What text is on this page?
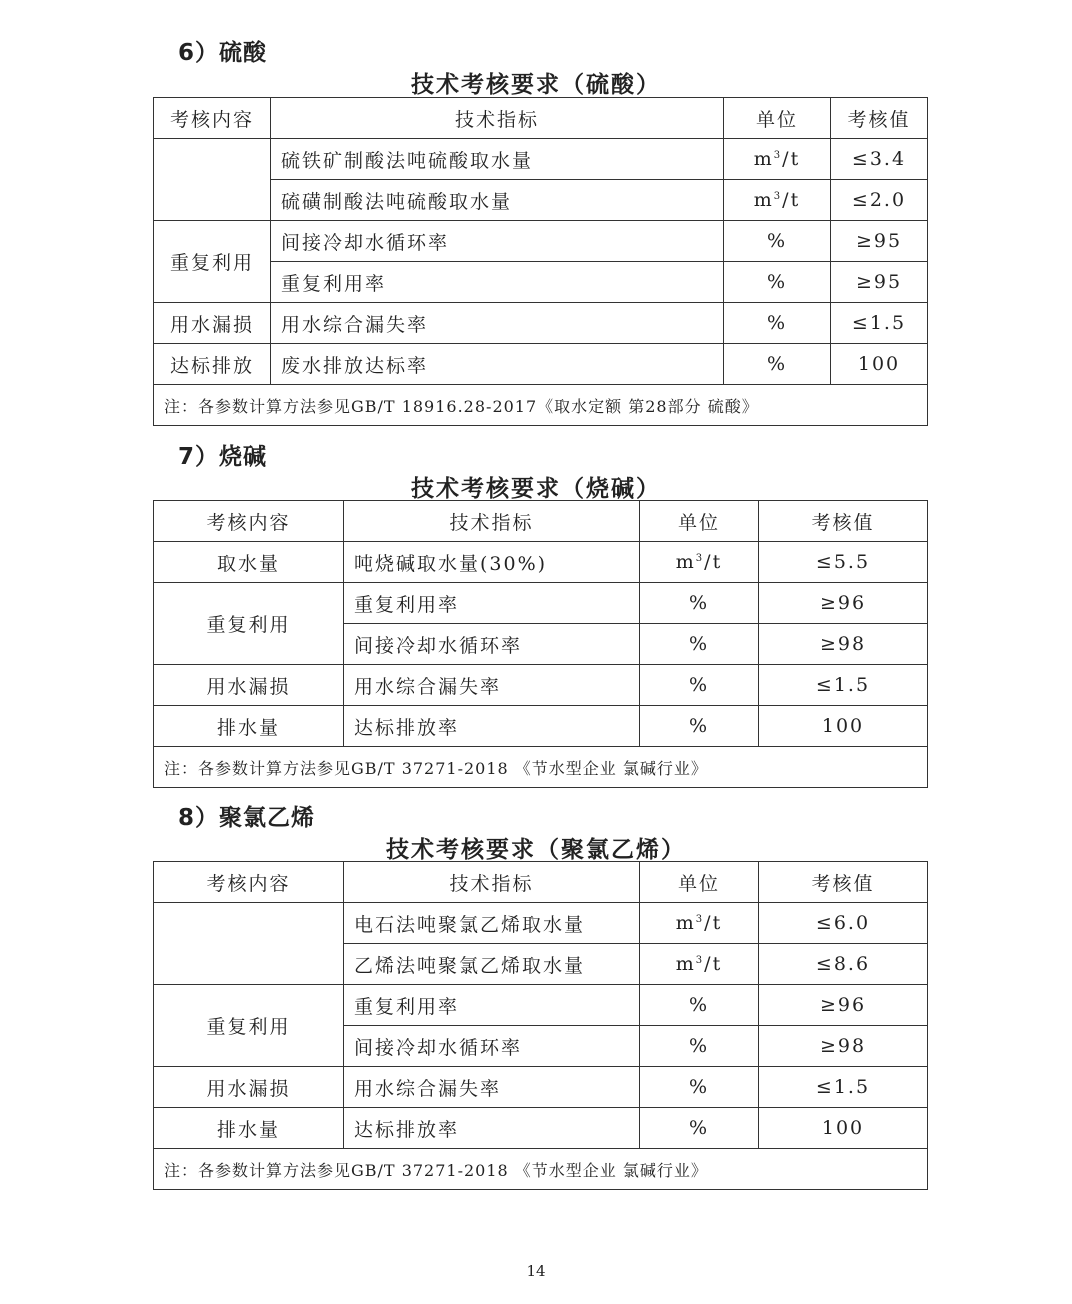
6）硫酸
技术考核要求（硫酸）
考核内容	技术指标	单位	考核值
	硫铁矿制酸法吨硫酸取水量	$m^3/t$	≤3.4
	硫磺制酸法吨硫酸取水量	$m^3/t$	≤2.0
重复利用	间接冷却水循环率	%	≥95
	重复利用率	%	≥95
用水漏损	用水综合漏失率	%	≤1.5
达标排放	废水排放达标率	%	100
注：各参数计算方法参见GB/T 18916.28-2017《取水定额 第28部分 硫酸》			
7）烧碱
技术考核要求（烧碱）
考核内容	技术指标	单位	考核值
取水量	吨烧碱取水量(30%)	$m^3/t$	≤5.5
重复利用	重复利用率	%	≥96
	间接冷却水循环率	%	≥98
用水漏损	用水综合漏失率	%	≤1.5
排水量	达标排放率	%	100
注：各参数计算方法参见GB/T 37271-2018 《节水型企业 氯碱行业》			
8）聚氯乙烯
技术考核要求（聚氯乙烯）
考核内容	技术指标	单位	考核值
	电石法吨聚氯乙烯取水量	$m^3/t$	≤6.0
	乙烯法吨聚氯乙烯取水量	$m^3/t$	≤8.6
重复利用	重复利用率	%	≥96
	间接冷却水循环率	%	≥98
用水漏损	用水综合漏失率	%	≤1.5
排水量	达标排放率	%	100
注：各参数计算方法参见GB/T 37271-2018 《节水型企业 氯碱行业》			
14
